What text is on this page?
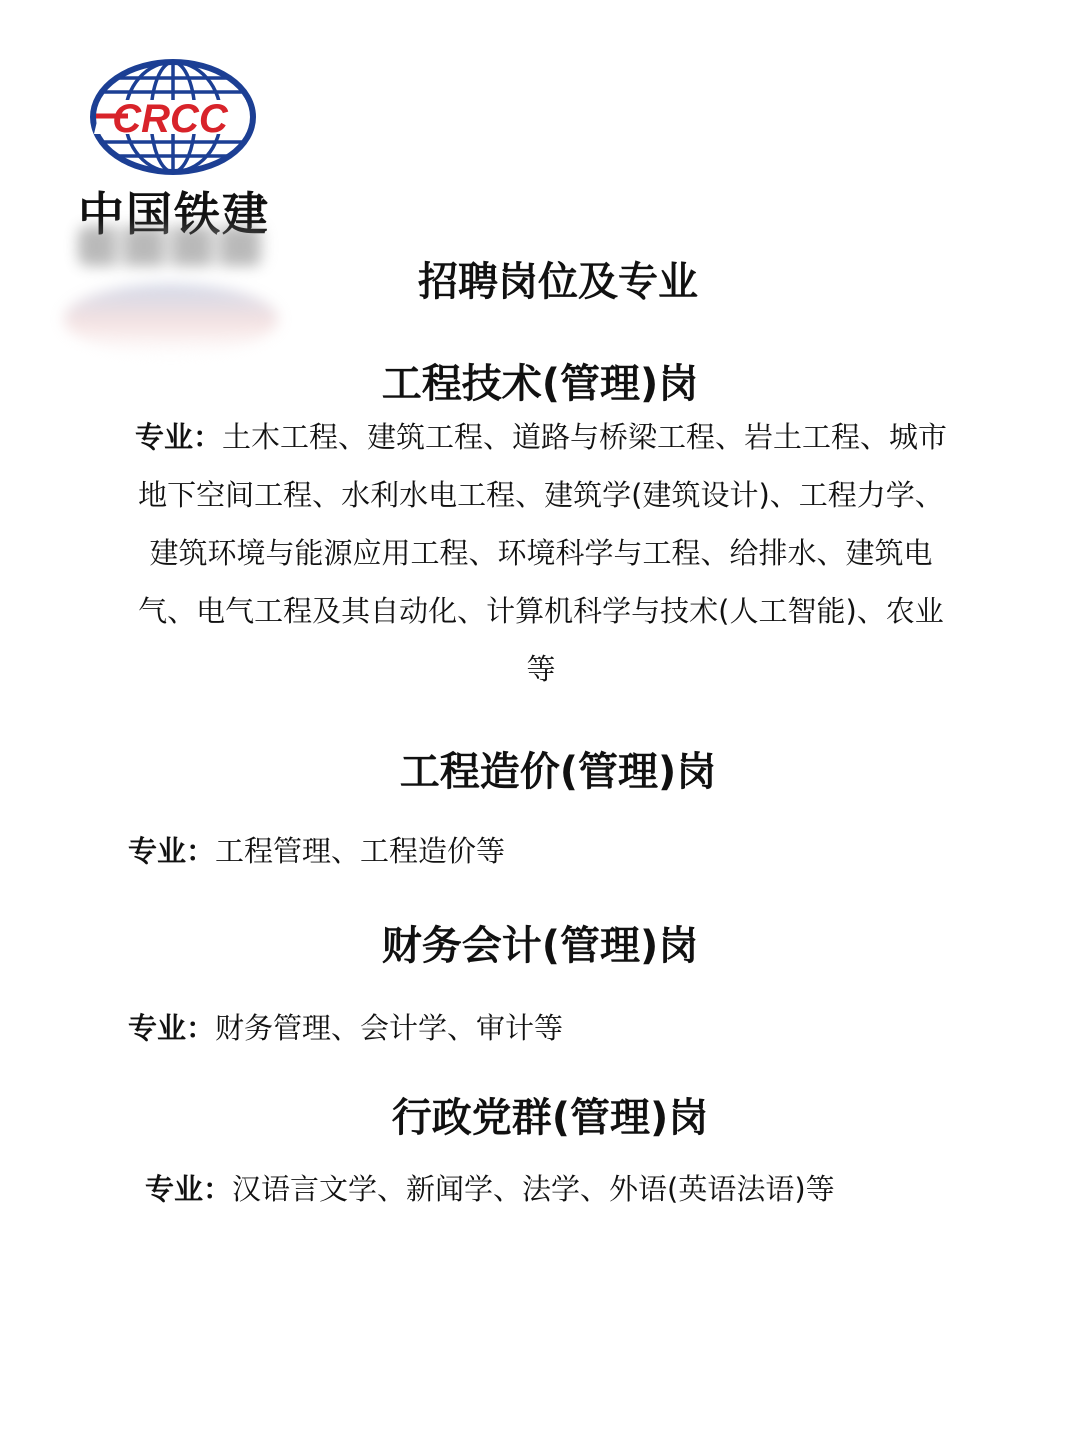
CRCC
中国铁建
招聘岗位及专业
工程技术(管理)岗

专业：土木工程、建筑工程、道路与桥梁工程、岩土工程、城市地下空间工程、水利水电工程、建筑学(建筑设计)、工程力学、建筑环境与能源应用工程、环境科学与工程、给排水、建筑电气、电气工程及其自动化、计算机科学与技术(人工智能)、农业等

工程造价(管理)岗

专业：工程管理、工程造价等

财务会计(管理)岗

专业：财务管理、会计学、审计等

行政党群(管理)岗

专业：汉语言文学、新闻学、法学、外语(英语法语)等
